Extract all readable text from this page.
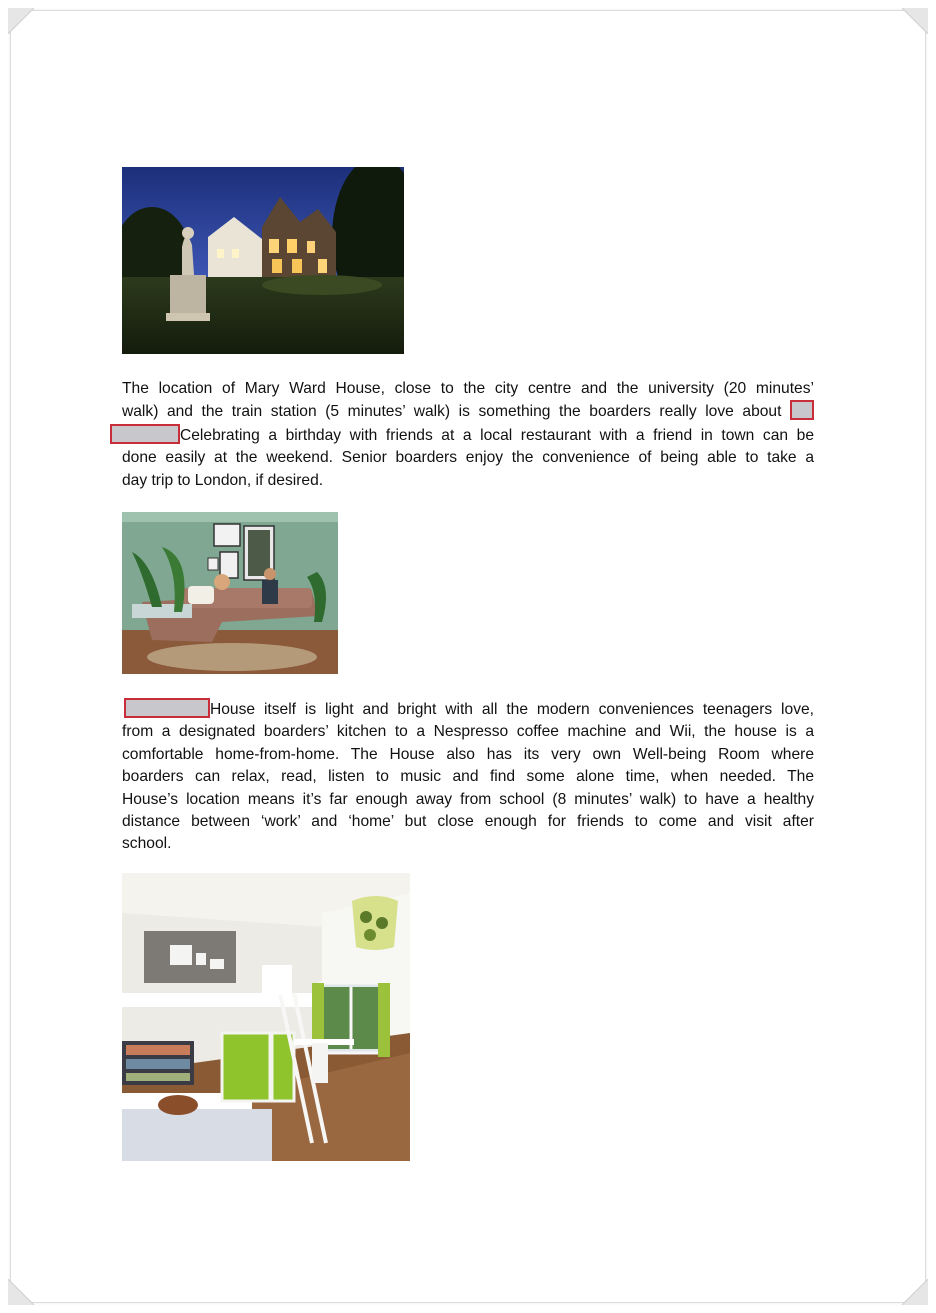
The location of Mary Ward House, close to the city centre and the university (20 minutes’
walk) and the train station (5 minutes’ walk) is something the boarders really love about
Celebrating a birthday with friends at a local restaurant with a friend in town can be
done easily at the weekend. Senior boarders enjoy the convenience of being able to take a
day trip to London, if desired.

House itself is light and bright with all the modern conveniences teenagers love,
from a designated boarders’ kitchen to a Nespresso coffee machine and Wii, the house is a
comfortable home-from-home. The House also has its very own Well-being Room where
boarders can relax, read, listen to music and find some alone time, when needed. The
House’s location means it’s far enough away from school (8 minutes’ walk) to have a healthy
distance between ‘work’ and ‘home’ but close enough for friends to come and visit after
school.
